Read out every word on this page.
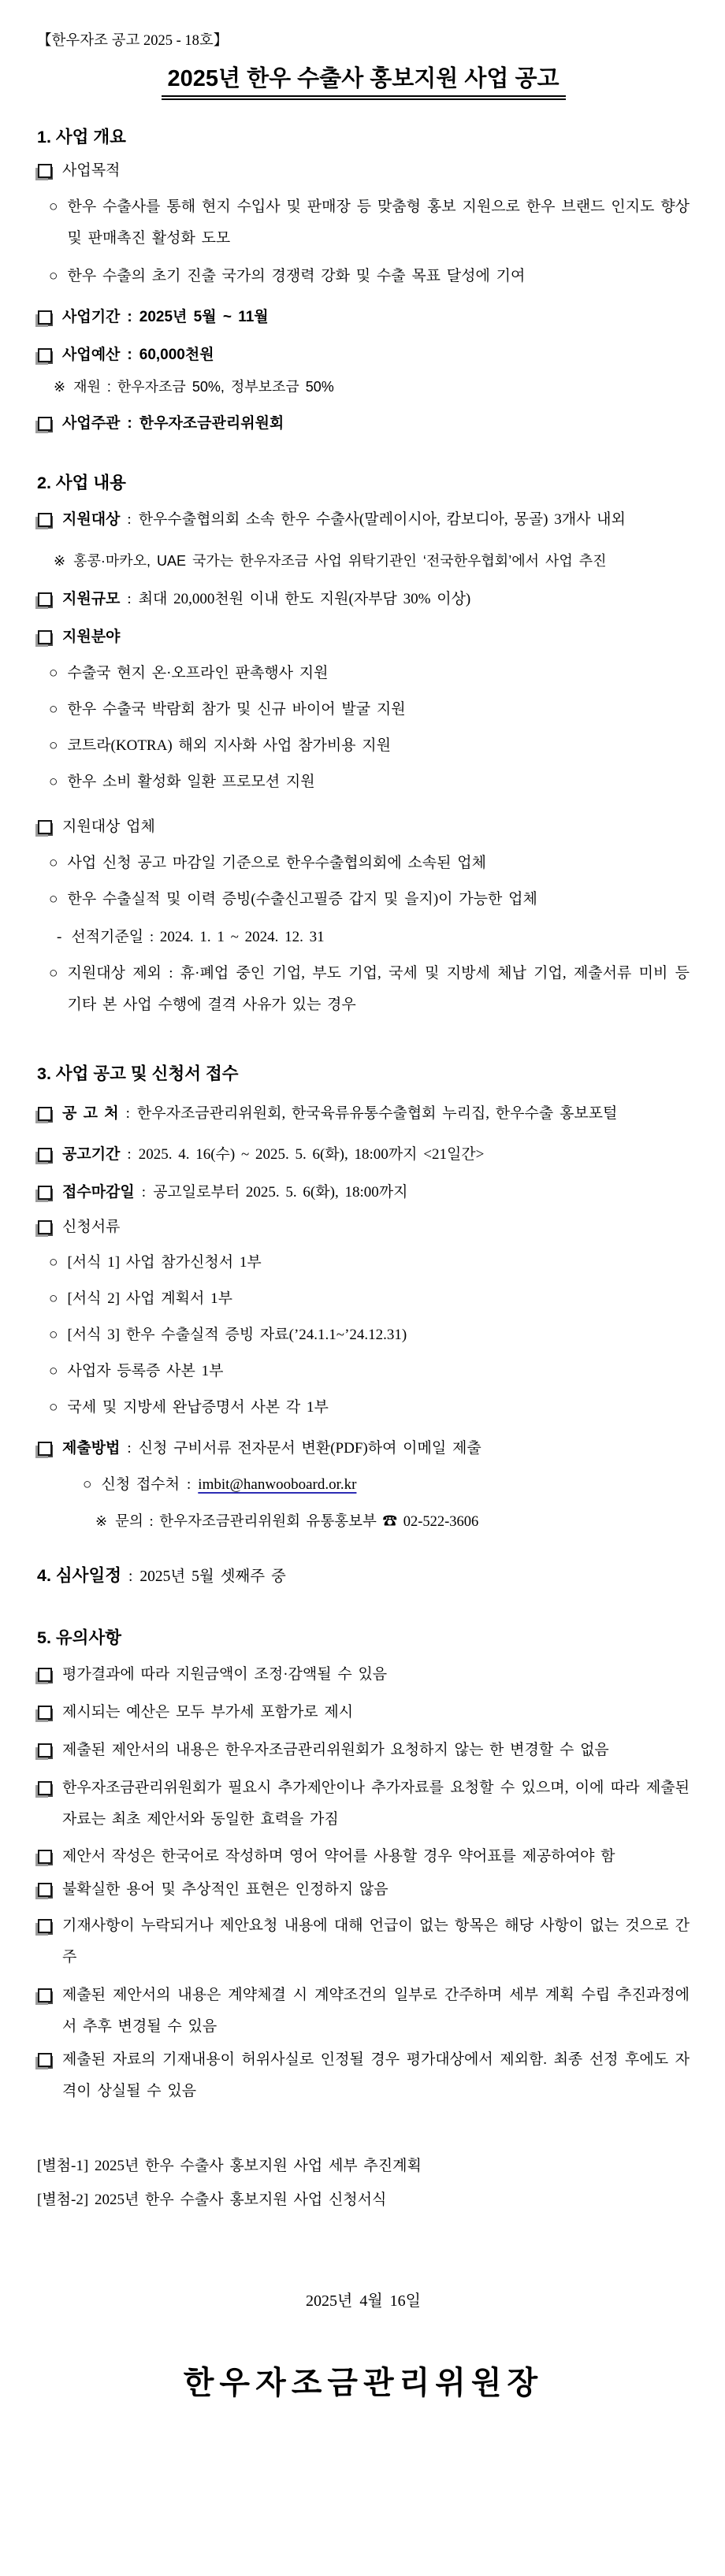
【한우자조 공고 2025 - 18호】
2025년 한우 수출사 홍보지원 사업 공고
1. 사업 개요
사업목적
○ 한우 수출사를 통해 현지 수입사 및 판매장 등 맞춤형 홍보 지원으로 한우 브랜드 인지도 향상 및 판매촉진 활성화 도모
○ 한우 수출의 초기 진출 국가의 경쟁력 강화 및 수출 목표 달성에 기여
사업기간 : 2025년 5월 ~ 11월
사업예산 : 60,000천원
※ 재원 : 한우자조금 50%, 정부보조금 50%
사업주관 : 한우자조금관리위원회
2. 사업 내용
지원대상 : 한우수출협의회 소속 한우 수출사(말레이시아, 캄보디아, 몽골) 3개사 내외
※ 홍콩·마카오, UAE 국가는 한우자조금 사업 위탁기관인 ‘전국한우협회’에서 사업 추진
지원규모 : 최대 20,000천원 이내 한도 지원(자부담 30% 이상)
지원분야
○ 수출국 현지 온·오프라인 판촉행사 지원
○ 한우 수출국 박람회 참가 및 신규 바이어 발굴 지원
○ 코트라(KOTRA) 해외 지사화 사업 참가비용 지원
○ 한우 소비 활성화 일환 프로모션 지원
지원대상 업체
○ 사업 신청 공고 마감일 기준으로 한우수출협의회에 소속된 업체
○ 한우 수출실적 및 이력 증빙(수출신고필증 갑지 및 을지)이 가능한 업체
- 선적기준일 : 2024. 1. 1 ~ 2024. 12. 31
○ 지원대상 제외 : 휴·폐업 중인 기업, 부도 기업, 국세 및 지방세 체납 기업, 제출서류 미비 등 기타 본 사업 수행에 결격 사유가 있는 경우
3. 사업 공고 및 신청서 접수
공 고 처 : 한우자조금관리위원회, 한국육류유통수출협회 누리집, 한우수출 홍보포털
공고기간 : 2025. 4. 16(수) ~ 2025. 5. 6(화), 18:00까지 <21일간>
접수마감일 : 공고일로부터 2025. 5. 6(화), 18:00까지
신청서류
○ [서식 1] 사업 참가신청서 1부
○ [서식 2] 사업 계획서 1부
○ [서식 3] 한우 수출실적 증빙 자료(’24.1.1~’24.12.31)
○ 사업자 등록증 사본 1부
○ 국세 및 지방세 완납증명서 사본 각 1부
제출방법 : 신청 구비서류 전자문서 변환(PDF)하여 이메일 제출
○ 신청 접수처 : imbit@hanwooboard.or.kr
※ 문의 : 한우자조금관리위원회 유통홍보부 ☎ 02-522-3606
4. 심사일정 : 2025년 5월 셋째주 중
5. 유의사항
평가결과에 따라 지원금액이 조정·감액될 수 있음
제시되는 예산은 모두 부가세 포함가로 제시
제출된 제안서의 내용은 한우자조금관리위원회가 요청하지 않는 한 변경할 수 없음
한우자조금관리위원회가 필요시 추가제안이나 추가자료를 요청할 수 있으며, 이에 따라 제출된 자료는 최초 제안서와 동일한 효력을 가짐
제안서 작성은 한국어로 작성하며 영어 약어를 사용할 경우 약어표를 제공하여야 함
불확실한 용어 및 추상적인 표현은 인정하지 않음
기재사항이 누락되거나 제안요청 내용에 대해 언급이 없는 항목은 해당 사항이 없는 것으로 간주
제출된 제안서의 내용은 계약체결 시 계약조건의 일부로 간주하며 세부 계획 수립 추진과정에서 추후 변경될 수 있음
제출된 자료의 기재내용이 허위사실로 인정될 경우 평가대상에서 제외함. 최종 선정 후에도 자격이 상실될 수 있음
[별첨-1] 2025년 한우 수출사 홍보지원 사업 세부 추진계획
[별첨-2] 2025년 한우 수출사 홍보지원 사업 신청서식
2025년 4월 16일
한우자조금관리위원장
